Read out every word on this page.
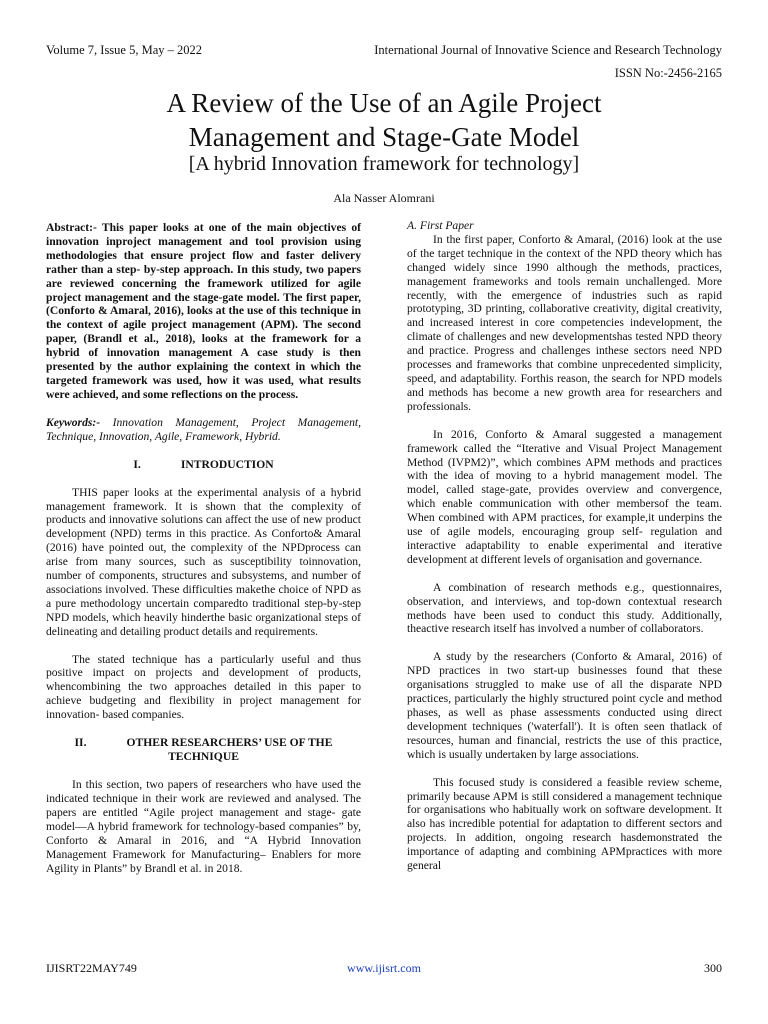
Volume 7, Issue 5, May – 2022	International Journal of Innovative Science and Research Technology
ISSN No:-2456-2165
A Review of the Use of an Agile Project
Management and Stage-Gate Model
[A hybrid Innovation framework for technology]
Ala Nasser Alomrani

Abstract:- This paper looks at one of the main objectives of innovation inproject management and tool provision using methodologies that ensure project flow and faster delivery rather than a step- by-step approach. In this study, two papers are reviewed concerning the framework utilized for agile project management and the stage-gate model. The first paper, (Conforto & Amaral, 2016), looks at the use of this technique in the context of agile project management (APM). The second paper, (Brandl et al., 2018), looks at the framework for a hybrid of innovation management A case study is then presented by the author explaining the context in which the targeted framework was used, how it was used, what results were achieved, and some reflections on the process.

Keywords:- Innovation Management, Project Management, Technique, Innovation, Agile, Framework, Hybrid.

I.	INTRODUCTION

THIS paper looks at the experimental analysis of a hybrid management framework. It is shown that the complexity of products and innovative solutions can affect the use of new product development (NPD) terms in this practice. As Conforto& Amaral (2016) have pointed out, the complexity of the NPDprocess can arise from many sources, such as susceptibility toinnovation, number of components, structures and subsystems, and number of associations involved. These difficulties makethe choice of NPD as a pure methodology uncertain comparedto traditional step-by-step NPD models, which heavily hinderthe basic organizational steps of delineating and detailing product details and requirements.

The stated technique has a particularly useful and thus positive impact on projects and development of products, whencombining the two approaches detailed in this paper to achieve budgeting and flexibility in project management for innovation- based companies.

II.	OTHER RESEARCHERS’ USE OF THE
TECHNIQUE

In this section, two papers of researchers who have used the indicated technique in their work are reviewed and analysed. The papers are entitled “Agile project management and stage- gate model—A hybrid framework for technology-based companies” by, Conforto & Amaral in 2016, and “A Hybrid Innovation Management Framework for Manufacturing– Enablers for more Agility in Plants” by Brandl et al. in 2018.

A. First Paper

In the first paper, Conforto & Amaral, (2016) look at the use of the target technique in the context of the NPD theory which has changed widely since 1990 although the methods, practices, management frameworks and tools remain unchallenged. More recently, with the emergence of industries such as rapid prototyping, 3D printing, collaborative creativity, digital creativity, and increased interest in core competencies indevelopment, the climate of challenges and new developmentshas tested NPD theory and practice. Progress and challenges inthese sectors need NPD processes and frameworks that combine unprecedented simplicity, speed, and adaptability. Forthis reason, the search for NPD models and methods has become a new growth area for researchers and professionals.

In 2016, Conforto & Amaral suggested a management framework called the “Iterative and Visual Project Management Method (IVPM2)”, which combines APM methods and practices with the idea of moving to a hybrid management model. The model, called stage-gate, provides overview and convergence, which enable communication with other membersof the team. When combined with APM practices, for example,it underpins the use of agile models, encouraging group self- regulation and interactive adaptability to enable experimental and iterative development at different levels of organisation and governance.

A combination of research methods e.g., questionnaires, observation, and interviews, and top-down contextual research methods have been used to conduct this study. Additionally, theactive research itself has involved a number of collaborators.

A study by the researchers (Conforto & Amaral, 2016) of NPD practices in two start-up businesses found that these organisations struggled to make use of all the disparate NPD practices, particularly the highly structured point cycle and method phases, as well as phase assessments conducted using direct development techniques ('waterfall'). It is often seen thatlack of resources, human and financial, restricts the use of this practice, which is usually undertaken by large associations.

This focused study is considered a feasible review scheme, primarily because APM is still considered a management technique for organisations who habitually work on software development. It also has incredible potential for adaptation to different sectors and projects. In addition, ongoing research hasdemonstrated the importance of adapting and combining APMpractices with more general

IJISRT22MAY749	www.ijisrt.com	300
